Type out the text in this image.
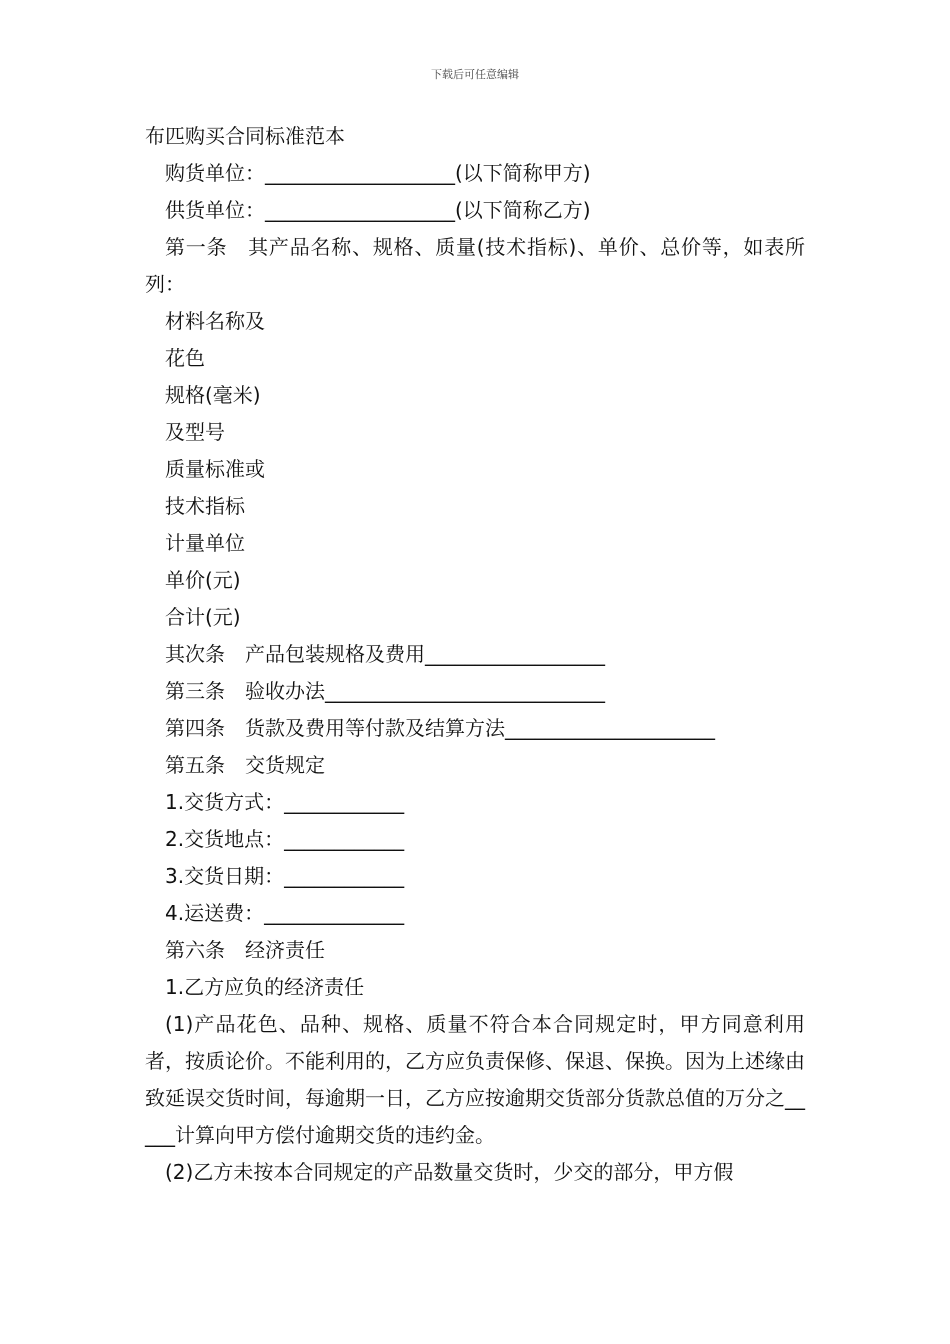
下载后可任意编辑
布匹购买合同标准范本
购货单位：___________________(以下简称甲方)
供货单位：___________________(以下简称乙方)
第一条　其产品名称、规格、质量(技术指标)、单价、总价等，如表所列：
材料名称及
花色
规格(毫米)
及型号
质量标准或
技术指标
计量单位
单价(元)
合计(元)
其次条　产品包装规格及费用__________________
第三条　验收办法____________________________
第四条　货款及费用等付款及结算方法_____________________
第五条　交货规定
1.交货方式：____________
2.交货地点：____________
3.交货日期：____________
4.运送费：______________
第六条　经济责任
1.乙方应负的经济责任
(1)产品花色、品种、规格、质量不符合本合同规定时，甲方同意利用者，按质论价。不能利用的，乙方应负责保修、保退、保换。因为上述缘由致延误交货时间，每逾期一日，乙方应按逾期交货部分货款总值的万分之_____计算向甲方偿付逾期交货的违约金。
(2)乙方未按本合同规定的产品数量交货时，少交的部分，甲方假
